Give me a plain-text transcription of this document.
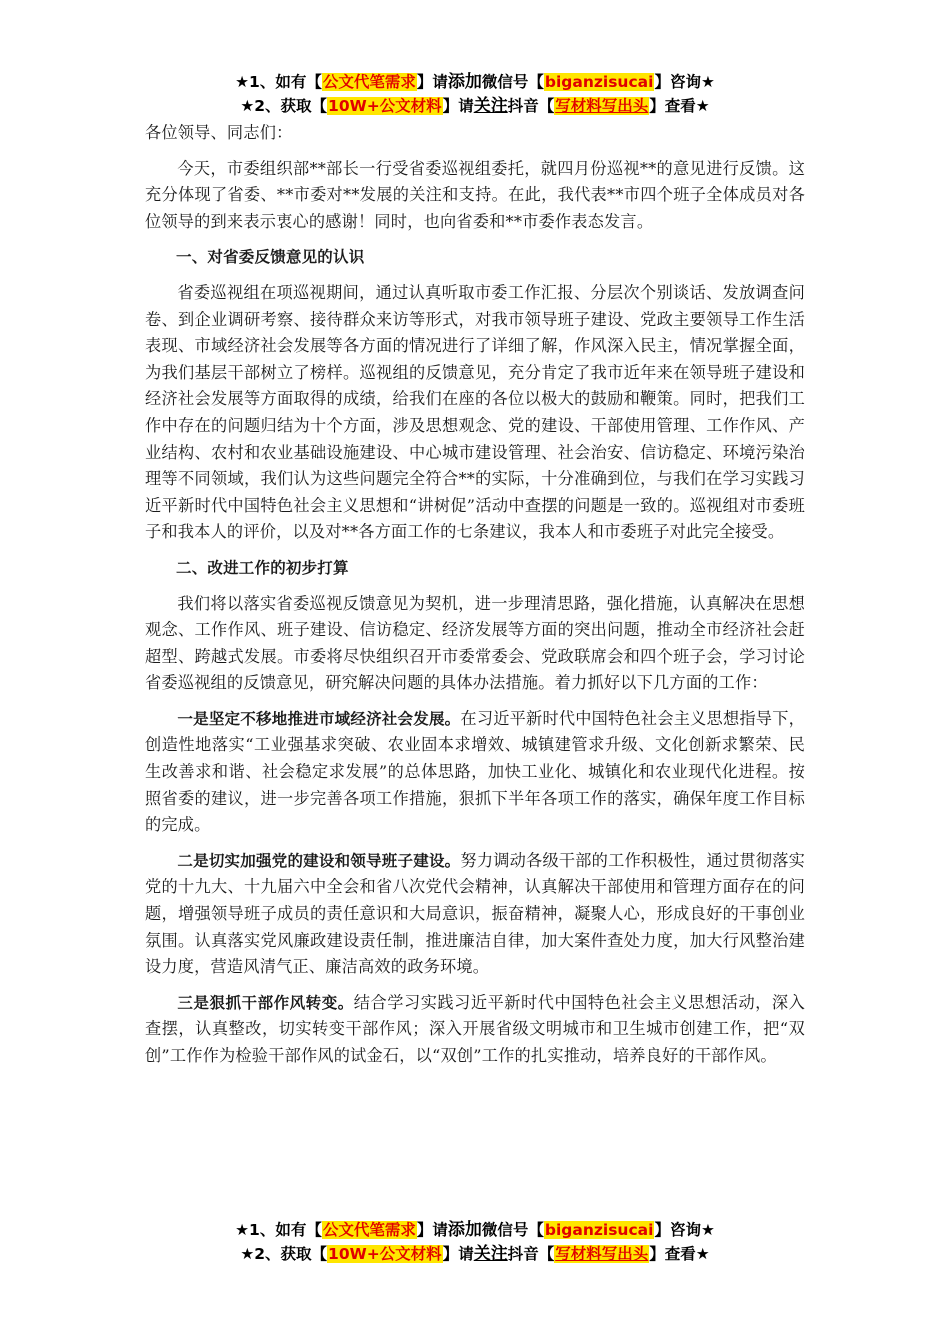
★1、如有【公文代笔需求】请添加微信号【biganzisucai】咨询★
★2、获取【10W+公文材料】请关注抖音【写材料写出头】查看★

各位领导、同志们：

今天，市委组织部**部长一行受省委巡视组委托，就四月份巡视**的意见进行反馈。这充分体现了省委、**市委对**发展的关注和支持。在此，我代表**市四个班子全体成员对各位领导的到来表示衷心的感谢！同时，也向省委和**市委作表态发言。

一、对省委反馈意见的认识

省委巡视组在项巡视期间，通过认真听取市委工作汇报、分层次个别谈话、发放调查问卷、到企业调研考察、接待群众来访等形式，对我市领导班子建设、党政主要领导工作生活表现、市域经济社会发展等各方面的情况进行了详细了解，作风深入民主，情况掌握全面，为我们基层干部树立了榜样。巡视组的反馈意见，充分肯定了我市近年来在领导班子建设和经济社会发展等方面取得的成绩，给我们在座的各位以极大的鼓励和鞭策。同时，把我们工作中存在的问题归结为十个方面，涉及思想观念、党的建设、干部使用管理、工作作风、产业结构、农村和农业基础设施建设、中心城市建设管理、社会治安、信访稳定、环境污染治理等不同领域，我们认为这些问题完全符合**的实际，十分准确到位，与我们在学习实践习近平新时代中国特色社会主义思想和“讲树促”活动中查摆的问题是一致的。巡视组对市委班子和我本人的评价，以及对**各方面工作的七条建议，我本人和市委班子对此完全接受。

二、改进工作的初步打算

我们将以落实省委巡视反馈意见为契机，进一步理清思路，强化措施，认真解决在思想观念、工作作风、班子建设、信访稳定、经济发展等方面的突出问题，推动全市经济社会赶超型、跨越式发展。市委将尽快组织召开市委常委会、党政联席会和四个班子会，学习讨论省委巡视组的反馈意见，研究解决问题的具体办法措施。着力抓好以下几方面的工作：

一是坚定不移地推进市域经济社会发展。在习近平新时代中国特色社会主义思想指导下，创造性地落实“工业强基求突破、农业固本求增效、城镇建管求升级、文化创新求繁荣、民生改善求和谐、社会稳定求发展”的总体思路，加快工业化、城镇化和农业现代化进程。按照省委的建议，进一步完善各项工作措施，狠抓下半年各项工作的落实，确保年度工作目标的完成。

二是切实加强党的建设和领导班子建设。努力调动各级干部的工作积极性，通过贯彻落实党的十九大、十九届六中全会和省八次党代会精神，认真解决干部使用和管理方面存在的问题，增强领导班子成员的责任意识和大局意识，振奋精神，凝聚人心，形成良好的干事创业氛围。认真落实党风廉政建设责任制，推进廉洁自律，加大案件查处力度，加大行风整治建设力度，营造风清气正、廉洁高效的政务环境。

三是狠抓干部作风转变。结合学习实践习近平新时代中国特色社会主义思想活动，深入查摆，认真整改，切实转变干部作风；深入开展省级文明城市和卫生城市创建工作，把“双创”工作作为检验干部作风的试金石，以“双创”工作的扎实推动，培养良好的干部作风。

★1、如有【公文代笔需求】请添加微信号【biganzisucai】咨询★
★2、获取【10W+公文材料】请关注抖音【写材料写出头】查看★
